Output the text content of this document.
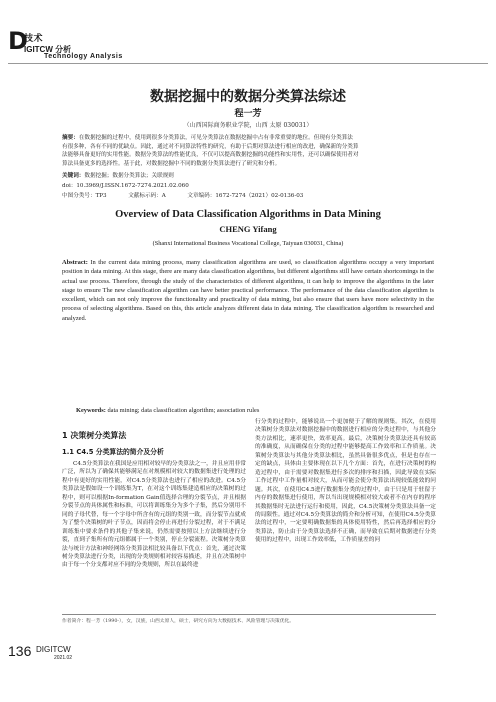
D
技术
IGITCW 分析
Technology Analysis
数据挖掘中的数据分类算法综述
程一芳
（山西国际商务职业学院，山西 太原 030031）
摘要：在数据挖掘的过程中，使用到很多分类算法，可见分类算法在数据挖掘中占有非常重要的地位。但现有分类算法
有很多种，各有不同的优缺点。因此，通过对不同算法特性的研究，有助于后期对算法进行相应的改进，确保新的分类算
法能够具备更好的实用性能。数据分类算法的性能优良，不仅可以提高数据挖掘的功能性和实用性，还可以确保使用者对
算法具备更多的选择性。基于此，对数据挖掘中不同的数据分类算法进行了研究和分析。
关键词：数据挖掘；数据分类算法；关联规则
doi：10.3969/J.ISSN.1672-7274.2021.02.060
中图分类号：TP3	文献标示码：A	文章编码：1672-7274（2021）02-0136-03
Overview of Data Classification Algorithms in Data Mining
CHENG Yifang
(Shanxi International Business Vocational College, Taiyuan 030031, China)
Abstract: In the current data mining process, many classification algorithms are used, so classification algorithms occupy a very important position in data mining. At this stage, there are many data classification algorithms, but different algorithms still have certain shortcomings in the actual use process. Therefore, through the study of the characteristics of different algorithms, it can help to improve the algorithms in the later stage to ensure The new classification algorithm can have better practical performance. The performance of the data classification algorithm is excellent, which can not only improve the functionality and practicality of data mining, but also ensure that users have more selectivity in the process of selecting algorithms. Based on this, this article analyzes different data in data mining. The classification algorithm is researched and analyzed.
Keywords: data mining; data classification algorithm; association rules
1 决策树分类算法
1.1 C4.5 分类算法的简介及分析
C4.5分类算法在我国是应用相对较早的分类算法之一，并且应用非常广泛，所以为了确保其能够满足在对规模相对较大的数据集进行处理的过程中有更好的实用性能，对C4.5分类算法也进行了相应的改进。C4.5分类算法是假如设一个训练集为T，在对这个训练集建造相应的决策树的过程中，则可以根据In-formation Gain值选择合理的分裂节点，并且根据分裂节点的具体属性和标准，可以将训练集分为多个子集，然后分别用不同的子母代替，每一个字母中所含有的元组的类别一致，而分裂节点就成为了整个决策树的叶子节点，因而将会停止再进行分裂过程，对于不满足训练集中要求条件的其他子集来说，仍然需要按照以上方法继续进行分裂，直到子集所有的元组都属于一个类别，停止分裂流程。决策树分类算法与统计方法和神经网络分类算法相比较具备以下优点：首先，通过决策树分类算法进行分类，出现的分类规则相对较容易描述，并且在决策树中由于每一个分支都对应不同的分类规则，所以在最终进
行分类的过程中，能够说出一个更加便于了解的规则集。其次，在使用决策树分类算法对数据挖掘中的数据进行相应的分类过程中，与其他分类方法相比，速率更快，效率更高。最后，决策树分类算法还具有较高的准确度，从而确保在分类的过程中能够提高工作效率和工作质量。决策树分类算法与其他分类算法相比，虽然具备很多优点，但是也存在一定的缺点，具体由主要体现在以下几个方面：首先，在进行决策树的构造过程中，由于需要对数据集进行多次的排序和扫描，因此导致在实际工作过程中工作量相对较大，从而可能会使分类算法出现较低能效的问题。其次，在使用C4.5进行数据集分类的过程中，由于只是用于驻留于内存的数据集进行使用，所以当出现规模相对较大或者不在内存的程序其数据集时无法进行运行和使用，因此，C4.5决策树分类算法具备一定的局限性。通过对C4.5分类算法的简介和分析可知，在使用C4.5分类算法的过程中，一定要明确数据集的具体使用特性，然后再选择相应的分类算法，防止由于分类算法选择不正确，而导致在后期对数据进行分类使用的过程中，出现工作效率低，工作质量差的问
作者简介：程一芳（1990-），女，汉族，山西太原人，硕士，研究方向为大数据技术、风险管理与决策优化。
136 DIGITCW
2021.02
